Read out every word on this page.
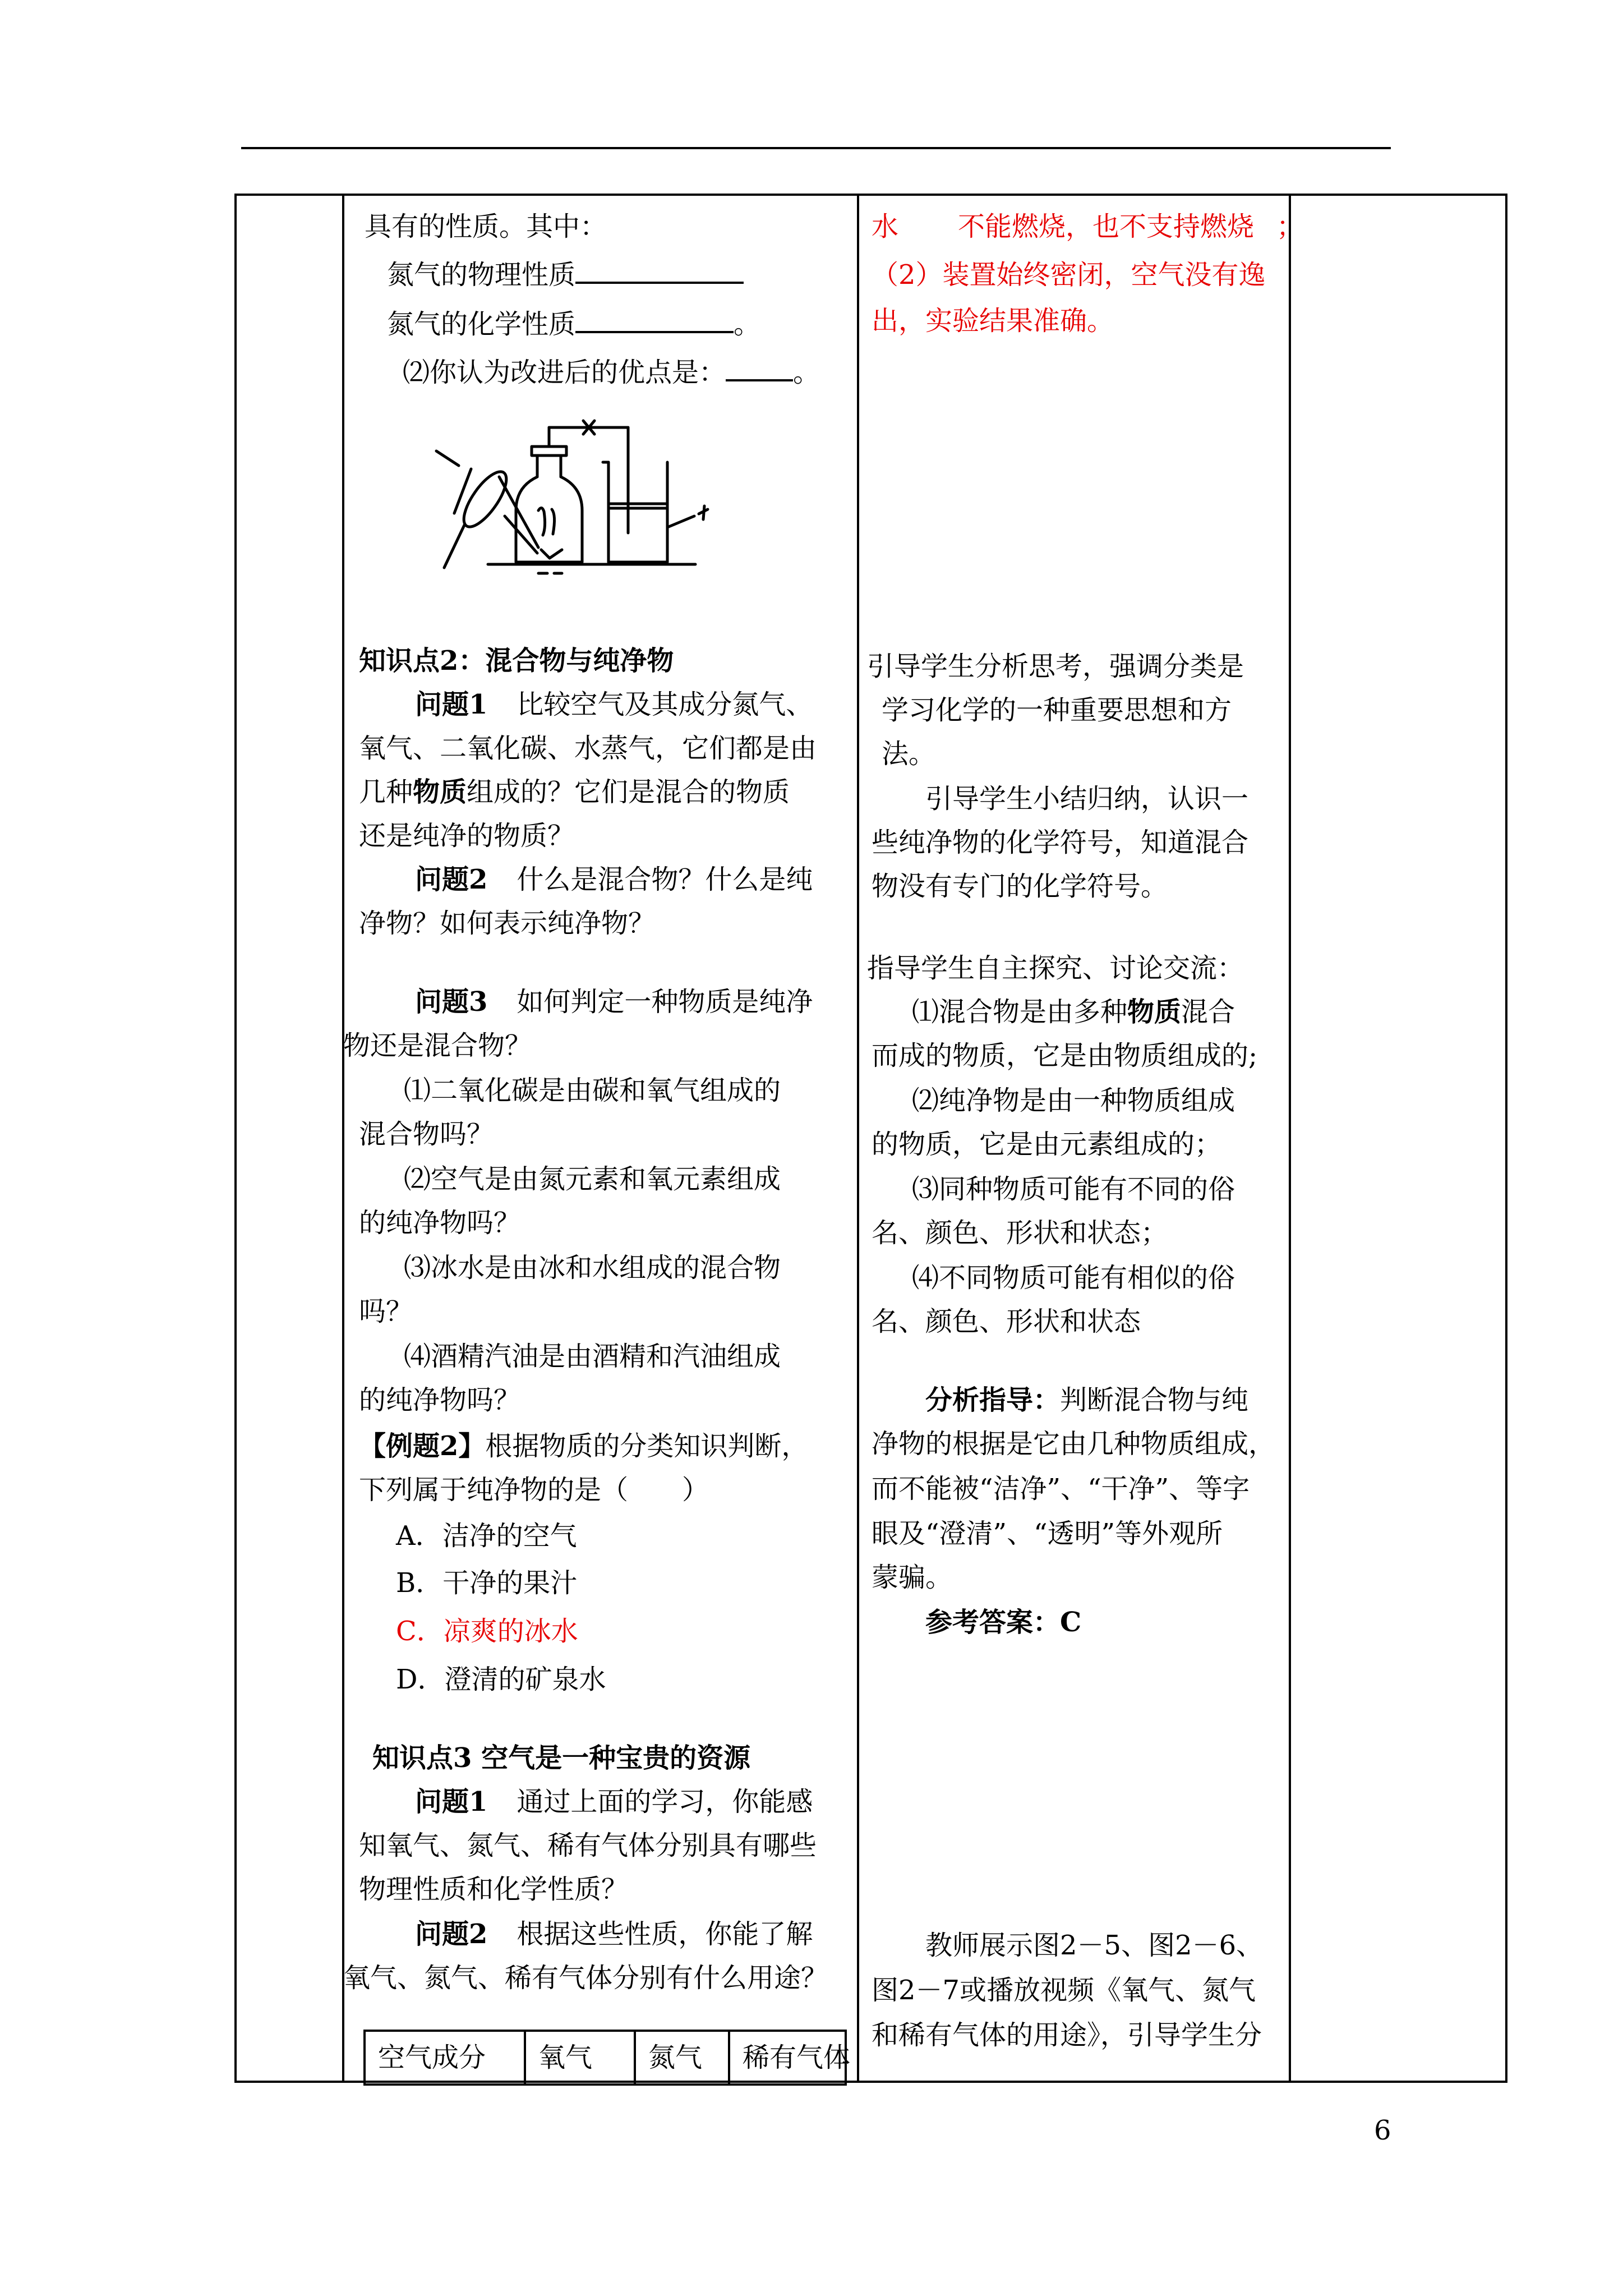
具有的性质。其中：
氮气的物理性质
氮气的化学性质	。
⑵你认为改进后的优点是：	。
知识点2：混合物与纯净物
问题1 比较空气及其成分氮气、
氧气、二氧化碳、水蒸气，它们都是由
几种物质组成的？它们是混合的物质
还是纯净的物质？
问题2 什么是混合物？什么是纯
净物？如何表示纯净物？
问题3 如何判定一种物质是纯净
物还是混合物？
⑴二氧化碳是由碳和氧气组成的
混合物吗？
⑵空气是由氮元素和氧元素组成
的纯净物吗？
⑶冰水是由冰和水组成的混合物
吗？
⑷酒精汽油是由酒精和汽油组成
的纯净物吗？
【例题2】根据物质的分类知识判断，
下列属于纯净物的是（　　）
A．洁净的空气
B．干净的果汁
C．凉爽的冰水
D．澄清的矿泉水
知识点3 空气是一种宝贵的资源
问题1 通过上面的学习，你能感
知氧气、氮气、稀有气体分别具有哪些
物理性质和化学性质？
问题2 根据这些性质，你能了解
氧气、氮气、稀有气体分别有什么用途？
空气成分	氧气	氮气	稀有气体
水 不能燃烧，也不支持燃烧 ；
（2）装置始终密闭，空气没有逸
出，实验结果准确。
引导学生分析思考，强调分类是
学习化学的一种重要思想和方
法。
引导学生小结归纳，认识一
些纯净物的化学符号，知道混合
物没有专门的化学符号。
指导学生自主探究、讨论交流：
⑴混合物是由多种物质混合
而成的物质，它是由物质组成的;
⑵纯净物是由一种物质组成
的物质，它是由元素组成的；
⑶同种物质可能有不同的俗
名、颜色、形状和状态；
⑷不同物质可能有相似的俗
名、颜色、形状和状态
分析指导：判断混合物与纯
净物的根据是它由几种物质组成，
而不能被“洁净”、“干净”、等字
眼及“澄清”、“透明”等外观所
蒙骗。
参考答案：C
教师展示图2－5、图2－6、
图2－7或播放视频《氧气、氮气
和稀有气体的用途》，引导学生分
6
